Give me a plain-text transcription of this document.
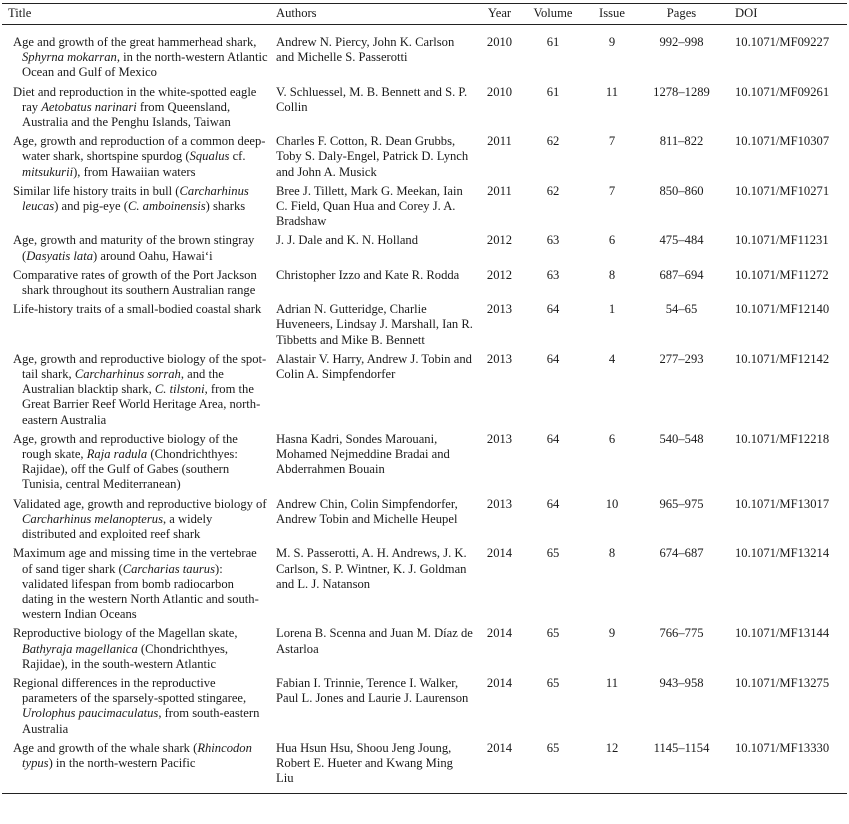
Title	Authors	Year	Volume	Issue	Pages	DOI

Age and growth of the great hammerhead shark, Sphyrna mokarran, in the north-western Atlantic Ocean and Gulf of Mexico	Andrew N. Piercy, John K. Carlson and Michelle S. Passerotti	2010	61	9	992–998	10.1071/MF09227

Diet and reproduction in the white-spotted eagle ray Aetobatus narinari from Queensland, Australia and the Penghu Islands, Taiwan	V. Schluessel, M. B. Bennett and S. P. Collin	2010	61	11	1278–1289	10.1071/MF09261

Age, growth and reproduction of a common deep-water shark, shortspine spurdog (Squalus cf. mitsukurii), from Hawaiian waters	Charles F. Cotton, R. Dean Grubbs, Toby S. Daly-Engel, Patrick D. Lynch and John A. Musick	2011	62	7	811–822	10.1071/MF10307

Similar life history traits in bull (Carcharhinus leucas) and pig-eye (C. amboinensis) sharks	Bree J. Tillett, Mark G. Meekan, Iain C. Field, Quan Hua and Corey J. A. Bradshaw	2011	62	7	850–860	10.1071/MF10271

Age, growth and maturity of the brown stingray (Dasyatis lata) around Oahu, Hawai‘i	J. J. Dale and K. N. Holland	2012	63	6	475–484	10.1071/MF11231

Comparative rates of growth of the Port Jackson shark throughout its southern Australian range	Christopher Izzo and Kate R. Rodda	2012	63	8	687–694	10.1071/MF11272

Life-history traits of a small-bodied coastal shark	Adrian N. Gutteridge, Charlie Huveneers, Lindsay J. Marshall, Ian R. Tibbetts and Mike B. Bennett	2013	64	1	54–65	10.1071/MF12140

Age, growth and reproductive biology of the spot-tail shark, Carcharhinus sorrah, and the Australian blacktip shark, C. tilstoni, from the Great Barrier Reef World Heritage Area, north-eastern Australia	Alastair V. Harry, Andrew J. Tobin and Colin A. Simpfendorfer	2013	64	4	277–293	10.1071/MF12142

Age, growth and reproductive biology of the rough skate, Raja radula (Chondrichthyes: Rajidae), off the Gulf of Gabes (southern Tunisia, central Mediterranean)	Hasna Kadri, Sondes Marouani, Mohamed Nejmeddine Bradai and Abderrahmen Bouain	2013	64	6	540–548	10.1071/MF12218

Validated age, growth and reproductive biology of Carcharhinus melanopterus, a widely distributed and exploited reef shark	Andrew Chin, Colin Simpfendorfer, Andrew Tobin and Michelle Heupel	2013	64	10	965–975	10.1071/MF13017

Maximum age and missing time in the vertebrae of sand tiger shark (Carcharias taurus): validated lifespan from bomb radiocarbon dating in the western North Atlantic and south-western Indian Oceans	M. S. Passerotti, A. H. Andrews, J. K. Carlson, S. P. Wintner, K. J. Goldman and L. J. Natanson	2014	65	8	674–687	10.1071/MF13214

Reproductive biology of the Magellan skate, Bathyraja magellanica (Chondrichthyes, Rajidae), in the south-western Atlantic	Lorena B. Scenna and Juan M. Díaz de Astarloa	2014	65	9	766–775	10.1071/MF13144

Regional differences in the reproductive parameters of the sparsely-spotted stingaree, Urolophus paucimaculatus, from south-eastern Australia	Fabian I. Trinnie, Terence I. Walker, Paul L. Jones and Laurie J. Laurenson	2014	65	11	943–958	10.1071/MF13275

Age and growth of the whale shark (Rhincodon typus) in the north-western Pacific	Hua Hsun Hsu, Shoou Jeng Joung, Robert E. Hueter and Kwang Ming Liu	2014	65	12	1145–1154	10.1071/MF13330
